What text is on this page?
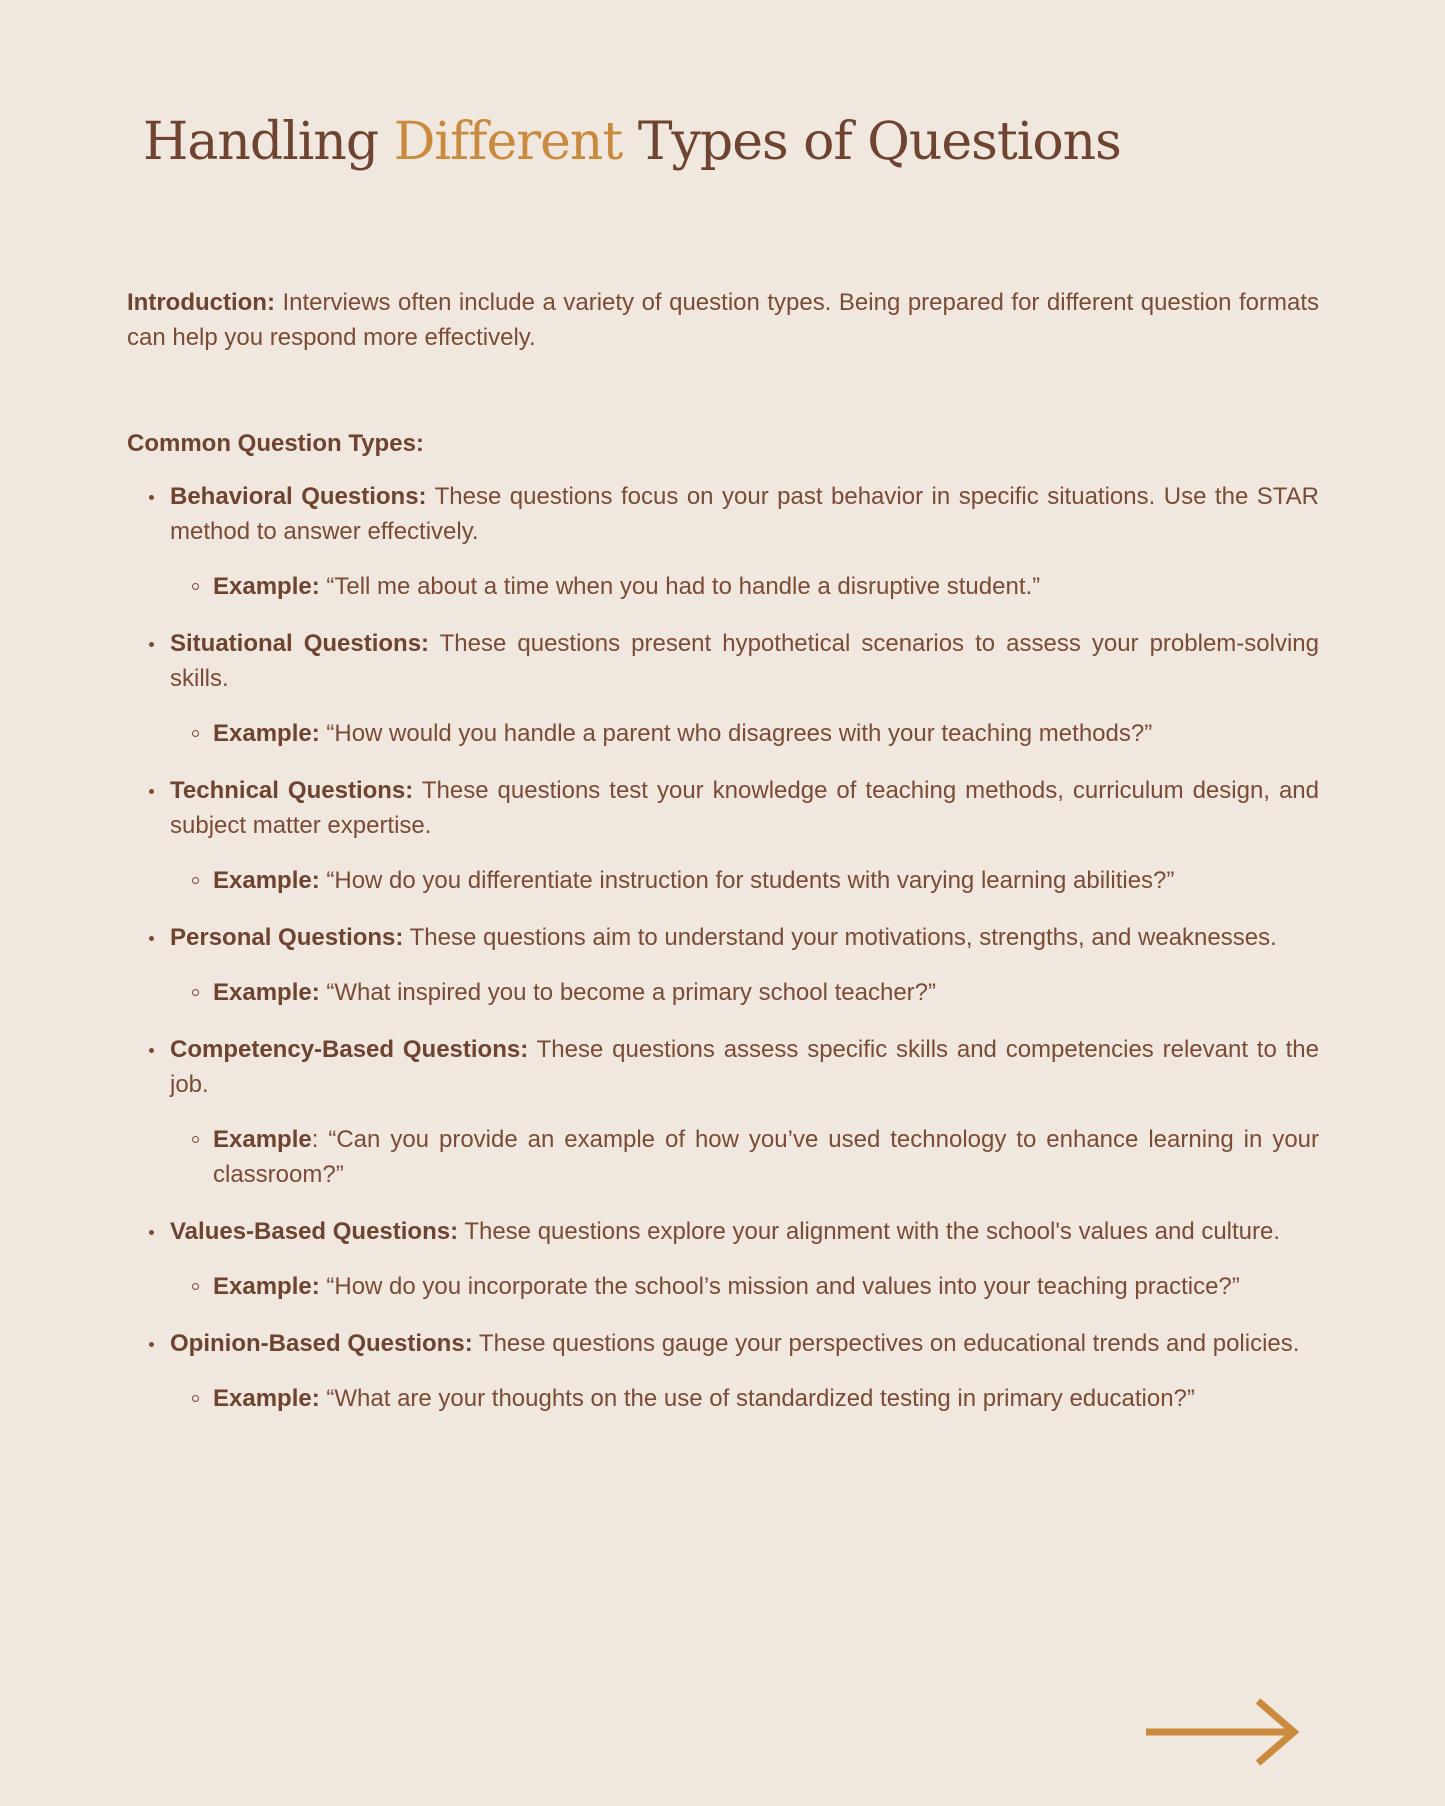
Handling Different Types of Questions

Introduction: Interviews often include a variety of question types. Being prepared for different question formats can help you respond more effectively.

Common Question Types:

Behavioral Questions: These questions focus on your past behavior in specific situations. Use the STAR method to answer effectively.

Example: “Tell me about a time when you had to handle a disruptive student.”

Situational Questions: These questions present hypothetical scenarios to assess your problem-solving skills.

Example: “How would you handle a parent who disagrees with your teaching methods?”

Technical Questions: These questions test your knowledge of teaching methods, curriculum design, and subject matter expertise.

Example: “How do you differentiate instruction for students with varying learning abilities?”

Personal Questions: These questions aim to understand your motivations, strengths, and weaknesses.

Example: “What inspired you to become a primary school teacher?”

Competency-Based Questions: These questions assess specific skills and competencies relevant to the job.

Example: “Can you provide an example of how you’ve used technology to enhance learning in your classroom?”

Values-Based Questions: These questions explore your alignment with the school's values and culture.

Example: “How do you incorporate the school’s mission and values into your teaching practice?”

Opinion-Based Questions: These questions gauge your perspectives on educational trends and policies.

Example: “What are your thoughts on the use of standardized testing in primary education?”
